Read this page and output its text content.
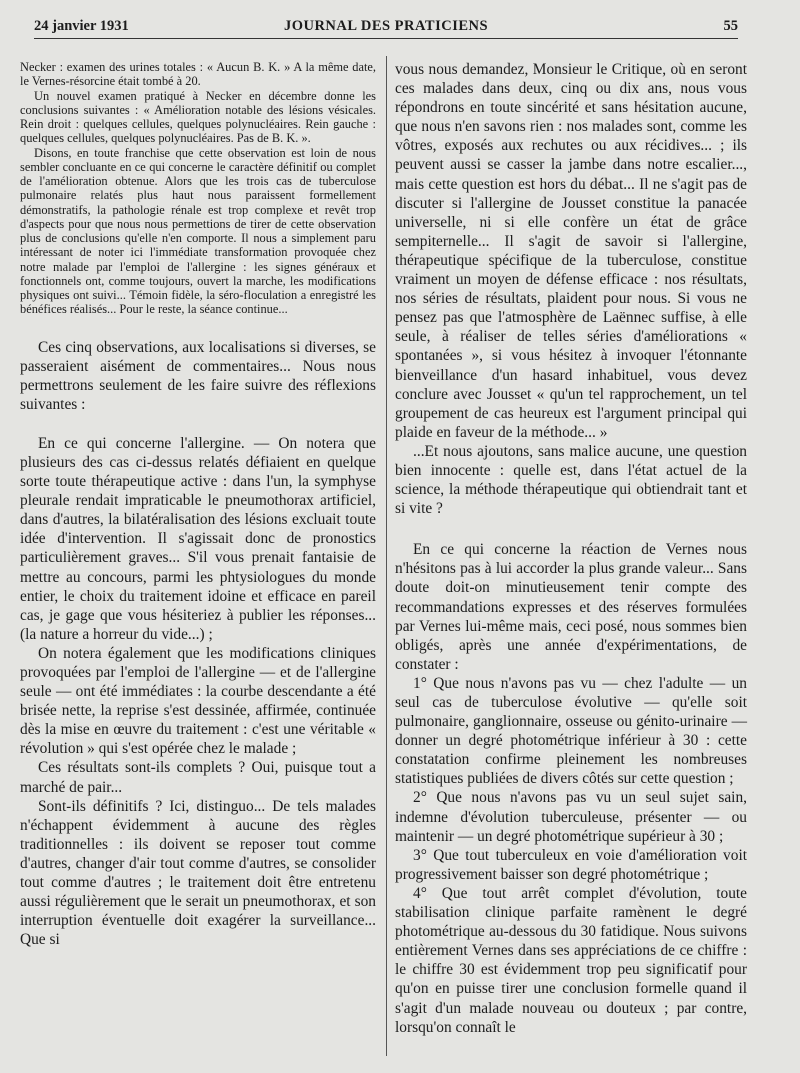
24 janvier 1931	JOURNAL DES PRATICIENS	55

Necker : examen des urines totales : « Aucun B. K. » A la même date, le Vernes-résorcine était tombé à 20.

Un nouvel examen pratiqué à Necker en décembre donne les conclusions suivantes : « Amélioration notable des lésions vésicales. Rein droit : quelques cellules, quelques polynucléaires. Rein gauche : quelques cellules, quelques polynucléaires. Pas de B. K. ».

Disons, en toute franchise que cette observation est loin de nous sembler concluante en ce qui concerne le caractère définitif ou complet de l'amélioration obtenue. Alors que les trois cas de tuberculose pulmonaire relatés plus haut nous paraissent formellement démonstratifs, la pathologie rénale est trop complexe et revêt trop d'aspects pour que nous nous permettions de tirer de cette observation plus de conclusions qu'elle n'en comporte. Il nous a simplement paru intéressant de noter ici l'immédiate transformation provoquée chez notre malade par l'emploi de l'allergine : les signes généraux et fonctionnels ont, comme toujours, ouvert la marche, les modifications physiques ont suivi... Témoin fidèle, la séro-floculation a enregistré les bénéfices réalisés... Pour le reste, la séance continue...

Ces cinq observations, aux localisations si diverses, se passeraient aisément de commentaires... Nous nous permettrons seulement de les faire suivre des réflexions suivantes :

En ce qui concerne l'allergine. — On notera que plusieurs des cas ci-dessus relatés défiaient en quelque sorte toute thérapeutique active : dans l'un, la symphyse pleurale rendait impraticable le pneumothorax artificiel, dans d'autres, la bilatéralisation des lésions excluait toute idée d'intervention. Il s'agissait donc de pronostics particulièrement graves... S'il vous prenait fantaisie de mettre au concours, parmi les phtysiologues du monde entier, le choix du traitement idoine et efficace en pareil cas, je gage que vous hésiteriez à publier les réponses... (la nature a horreur du vide...) ;

On notera également que les modifications cliniques provoquées par l'emploi de l'allergine — et de l'allergine seule — ont été immédiates : la courbe descendante a été brisée nette, la reprise s'est dessinée, affirmée, continuée dès la mise en œuvre du traitement : c'est une véritable « révolution » qui s'est opérée chez le malade ;

Ces résultats sont-ils complets ? Oui, puisque tout a marché de pair...

Sont-ils définitifs ? Ici, distinguo... De tels malades n'échappent évidemment à aucune des règles traditionnelles : ils doivent se reposer tout comme d'autres, changer d'air tout comme d'autres, se consolider tout comme d'autres ; le traitement doit être entretenu aussi régulièrement que le serait un pneumothorax, et son interruption éventuelle doit exagérer la surveillance... Que si

vous nous demandez, Monsieur le Critique, où en seront ces malades dans deux, cinq ou dix ans, nous vous répondrons en toute sincérité et sans hésitation aucune, que nous n'en savons rien : nos malades sont, comme les vôtres, exposés aux rechutes ou aux récidives... ; ils peuvent aussi se casser la jambe dans notre escalier..., mais cette question est hors du débat... Il ne s'agit pas de discuter si l'allergine de Jousset constitue la panacée universelle, ni si elle confère un état de grâce sempiternelle... Il s'agit de savoir si l'allergine, thérapeutique spécifique de la tuberculose, constitue vraiment un moyen de défense efficace : nos résultats, nos séries de résultats, plaident pour nous. Si vous ne pensez pas que l'atmosphère de Laënnec suffise, à elle seule, à réaliser de telles séries d'améliorations « spontanées », si vous hésitez à invoquer l'étonnante bienveillance d'un hasard inhabituel, vous devez conclure avec Jousset « qu'un tel rapprochement, un tel groupement de cas heureux est l'argument principal qui plaide en faveur de la méthode... »

...Et nous ajoutons, sans malice aucune, une question bien innocente : quelle est, dans l'état actuel de la science, la méthode thérapeutique qui obtiendrait tant et si vite ?

En ce qui concerne la réaction de Vernes nous n'hésitons pas à lui accorder la plus grande valeur... Sans doute doit-on minutieusement tenir compte des recommandations expresses et des réserves formulées par Vernes lui-même mais, ceci posé, nous sommes bien obligés, après une année d'expérimentations, de constater :

1° Que nous n'avons pas vu — chez l'adulte — un seul cas de tuberculose évolutive — qu'elle soit pulmonaire, ganglionnaire, osseuse ou génito-urinaire — donner un degré photométrique inférieur à 30 : cette constatation confirme pleinement les nombreuses statistiques publiées de divers côtés sur cette question ;

2° Que nous n'avons pas vu un seul sujet sain, indemne d'évolution tuberculeuse, présenter — ou maintenir — un degré photométrique supérieur à 30 ;

3° Que tout tuberculeux en voie d'amélioration voit progressivement baisser son degré photométrique ;

4° Que tout arrêt complet d'évolution, toute stabilisation clinique parfaite ramènent le degré photométrique au-dessous du 30 fatidique. Nous suivons entièrement Vernes dans ses appréciations de ce chiffre : le chiffre 30 est évidemment trop peu significatif pour qu'on en puisse tirer une conclusion formelle quand il s'agit d'un malade nouveau ou douteux ; par contre, lorsqu'on connaît le
